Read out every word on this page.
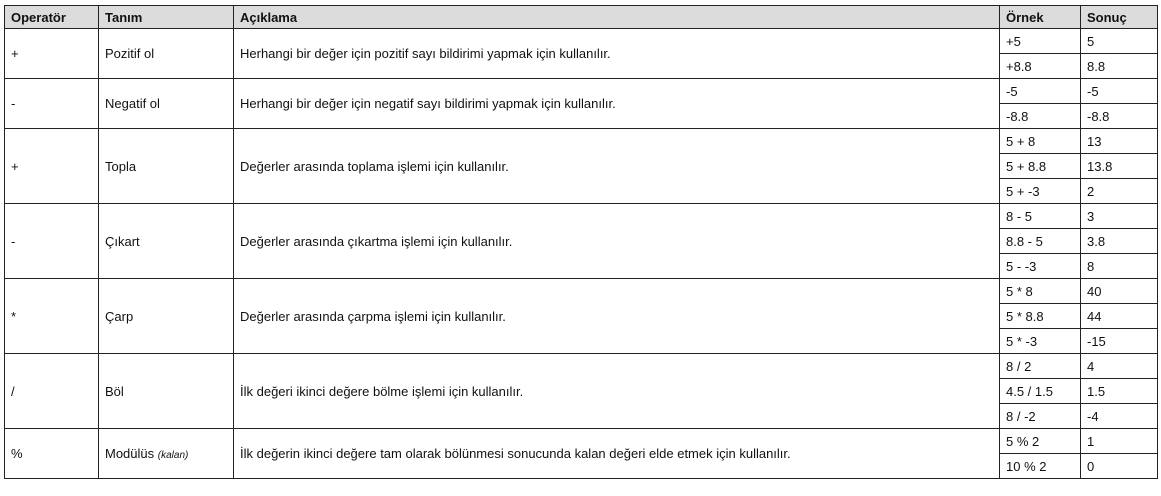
Operatör	Tanım	Açıklama	Örnek	Sonuç
+	Pozitif ol	Herhangi bir değer için pozitif sayı bildirimi yapmak için kullanılır.	+5	5
			+8.8	8.8
-	Negatif ol	Herhangi bir değer için negatif sayı bildirimi yapmak için kullanılır.	-5	-5
			-8.8	-8.8
+	Topla	Değerler arasında toplama işlemi için kullanılır.	5 + 8	13
			5 + 8.8	13.8
			5 + -3	2
-	Çıkart	Değerler arasında çıkartma işlemi için kullanılır.	8 - 5	3
			8.8 - 5	3.8
			5 - -3	8
*	Çarp	Değerler arasında çarpma işlemi için kullanılır.	5 * 8	40
			5 * 8.8	44
			5 * -3	-15
/	Böl	İlk değeri ikinci değere bölme işlemi için kullanılır.	8 / 2	4
			4.5 / 1.5	1.5
			8 / -2	-4
%	Modülüs (kalan)	İlk değerin ikinci değere tam olarak bölünmesi sonucunda kalan değeri elde etmek için kullanılır.	5 % 2	1
			10 % 2	0
